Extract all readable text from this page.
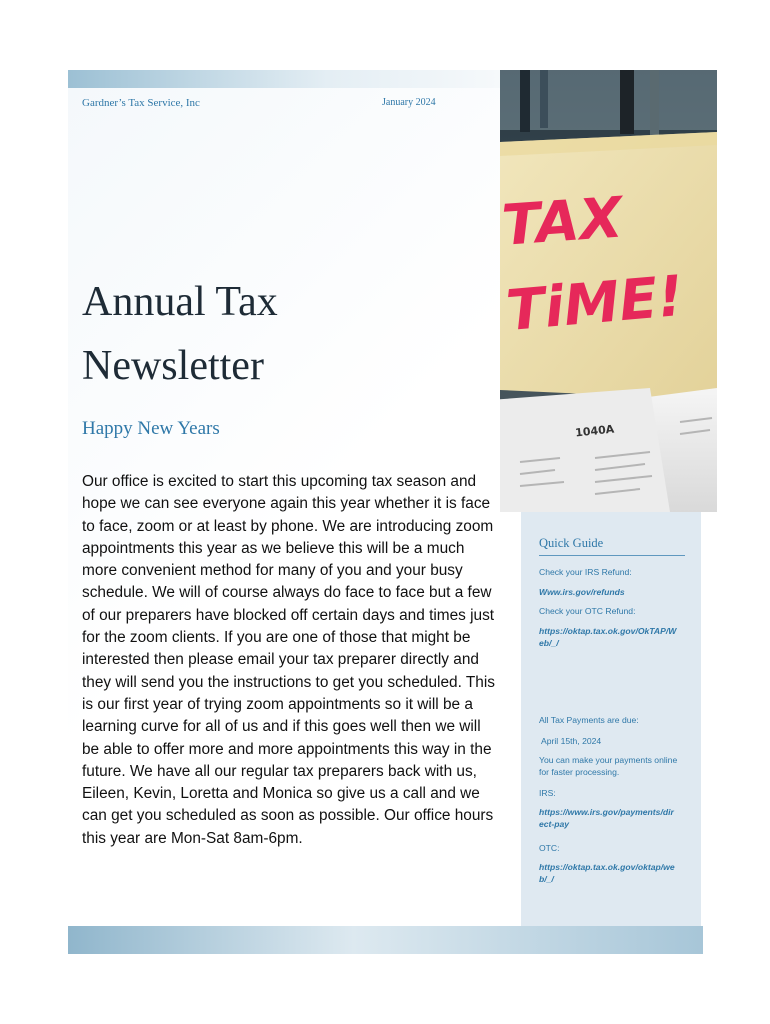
Gardner’s Tax Service, Inc	January 2024
Annual Tax
Newsletter
Happy New Years
Our office is excited to start this upcoming tax season and hope we can see everyone again this year whether it is face to face, zoom or at least by phone. We are introducing zoom appointments this year as we believe this will be a much more convenient method for many of you and your busy schedule. We will of course always do face to face but a few of our preparers have blocked off certain days and times just for the zoom clients. If you are one of those that might be interested then please email your tax preparer directly and they will send you the instructions to get you scheduled. This is our first year of trying zoom appointments so it will be a learning curve for all of us and if this goes well then we will be able to offer more and more appointments this way in the future. We have all our regular tax preparers back with us, Eileen, Kevin, Loretta and Monica so give us a call and we can get you scheduled as soon as possible. Our office hours this year are Mon-Sat 8am-6pm.
TAX
TiME!
1040A
Quick Guide
Check your IRS Refund:
Www.irs.gov/refunds
Check your OTC Refund:
https://oktap.tax.ok.gov/OkTAP/Web/_/
All Tax Payments are due:
April 15th, 2024
You can make your payments online for faster processing.
IRS:
https://www.irs.gov/payments/direct-pay
OTC:
https://oktap.tax.ok.gov/oktap/web/_/
